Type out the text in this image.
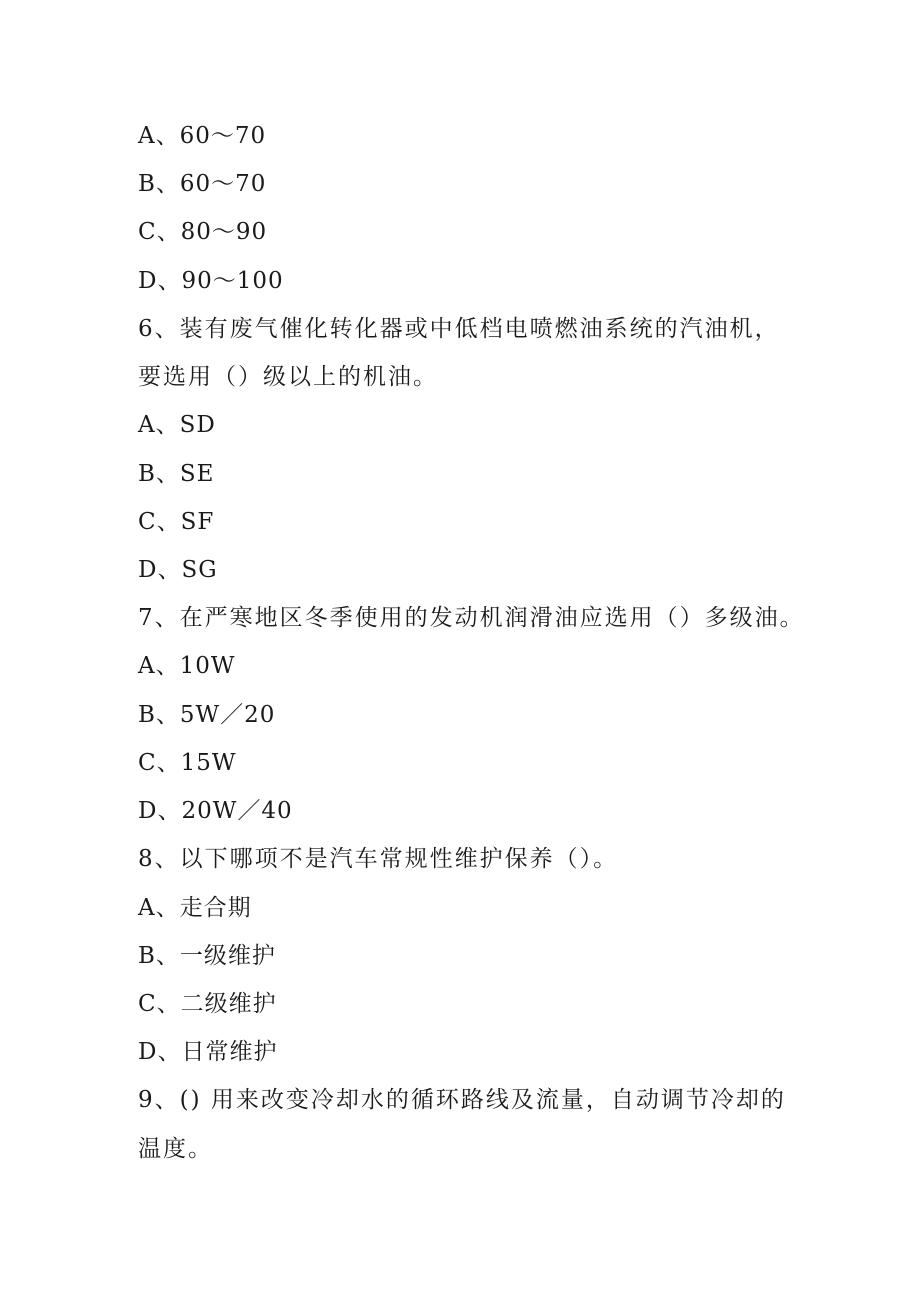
A、60～70
B、60～70
C、80～90
D、90～100
6、装有废气催化转化器或中低档电喷燃油系统的汽油机，
要选用（）级以上的机油。
A、SD
B、SE
C、SF
D、SG
7、在严寒地区冬季使用的发动机润滑油应选用（）多级油。
A、10W
B、5W／20
C、15W
D、20W／40
8、以下哪项不是汽车常规性维护保养（）。
A、走合期
B、一级维护
C、二级维护
D、日常维护
9、() 用来改变冷却水的循环路线及流量，自动调节冷却的
温度。
